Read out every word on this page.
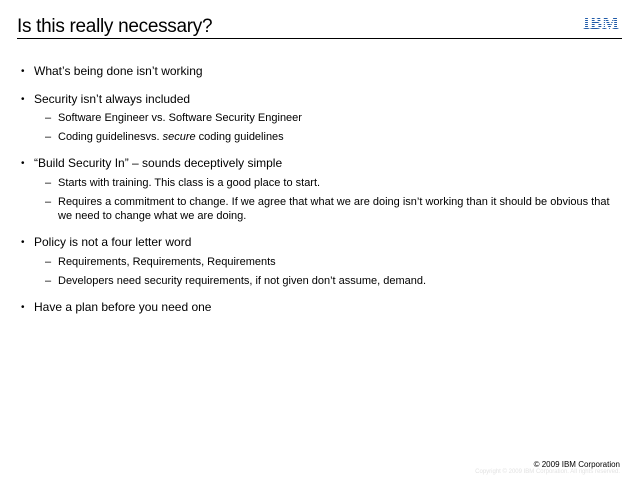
Is this really necessary?	IBM
• What’s being done isn’t working
• Security isn’t always included
– Software Engineer vs. Software Security Engineer
– Coding guidelinesvs. secure coding guidelines
• “Build Security In” – sounds deceptively simple
– Starts with training. This class is a good place to start.
– Requires a commitment to change. If we agree that what we are doing isn’t working than it should be obvious that we need to change what we are doing.
• Policy is not a four letter word
– Requirements, Requirements, Requirements
– Developers need security requirements, if not given don’t assume, demand.
• Have a plan before you need one
© 2009 IBM Corporation
Copyright © 2009 IBM Corporation. All rights reserved.
